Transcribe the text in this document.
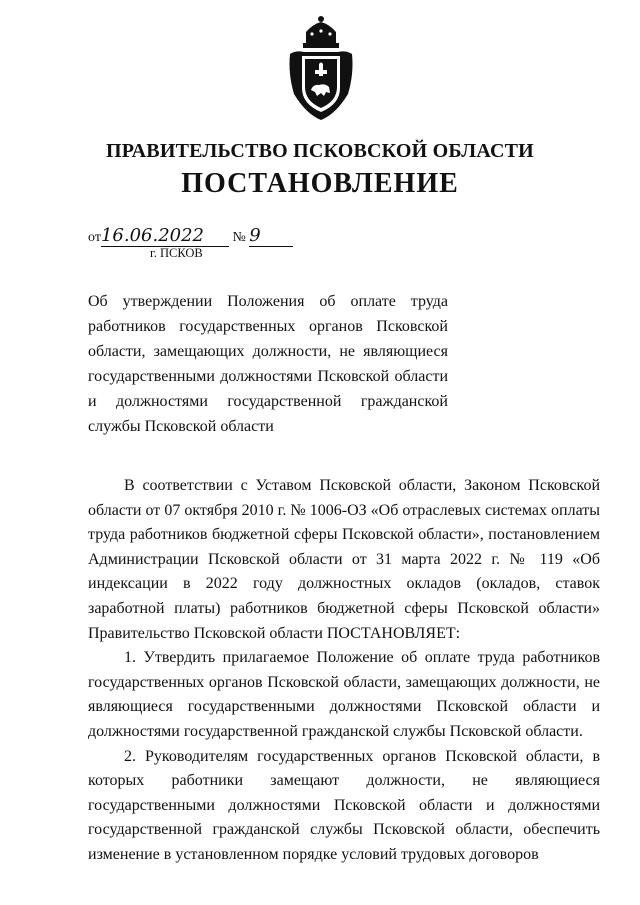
ПРАВИТЕЛЬСТВО ПСКОВСКОЙ ОБЛАСТИ
ПОСТАНОВЛЕНИЕ
от16.06.2022 № 9
г. ПСКОВ

Об утверждении Положения об оплате труда работников государственных органов Псковской области, замещающих должности, не являющиеся государственными должностями Псковской области и должностями государственной гражданской службы Псковской области

В соответствии с Уставом Псковской области, Законом Псковской области от 07 октября 2010 г. № 1006-ОЗ «Об отраслевых системах оплаты труда работников бюджетной сферы Псковской области», постановлением Администрации Псковской области от 31 марта 2022 г. № 119 «Об индексации в 2022 году должностных окладов (окладов, ставок заработной платы) работников бюджетной сферы Псковской области» Правительство Псковской области ПОСТАНОВЛЯЕТ:

1. Утвердить прилагаемое Положение об оплате труда работников государственных органов Псковской области, замещающих должности, не являющиеся государственными должностями Псковской области и должностями государственной гражданской службы Псковской области.

2. Руководителям государственных органов Псковской области, в которых работники замещают должности, не являющиеся государственными должностями Псковской области и должностями государственной гражданской службы Псковской области, обеспечить изменение в установленном порядке условий трудовых договоров
